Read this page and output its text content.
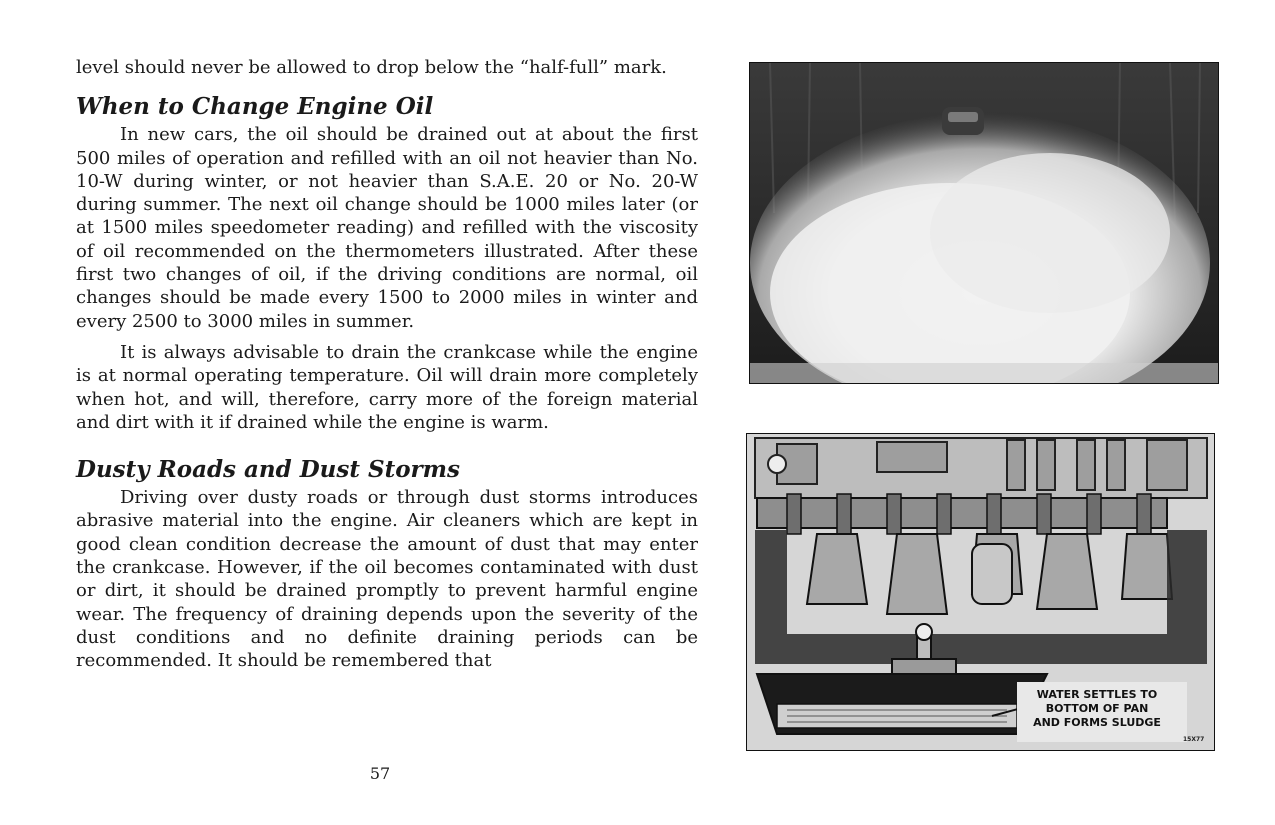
level should never be allowed to drop below the “half-full” mark.

When to Change Engine Oil

In new cars, the oil should be drained out at about the first 500 miles of operation and refilled with an oil not heavier than No. 10-W during winter, or not heavier than S.A.E. 20 or No. 20-W during summer. The next oil change should be 1000 miles later (or at 1500 miles speedometer reading) and refilled with the viscosity of oil recommended on the thermometers illustrated. After these first two changes of oil, if the driving conditions are normal, oil changes should be made every 1500 to 2000 miles in winter and every 2500 to 3000 miles in summer.

It is always advisable to drain the crankcase while the engine is at normal operating temperature. Oil will drain more completely when hot, and will, therefore, carry more of the foreign material and dirt with it if drained while the engine is warm.

Dusty Roads and Dust Storms

Driving over dusty roads or through dust storms introduces abrasive material into the engine. Air cleaners which are kept in good clean condition decrease the amount of dust that may enter the crankcase. However, if the oil becomes contaminated with dust or dirt, it should be drained promptly to prevent harmful engine wear. The frequency of draining depends upon the severity of the dust conditions and no definite draining periods can be recommended. It should be remembered that

57
WATER SETTLES TO
BOTTOM OF PAN
AND FORMS SLUDGE
15X77
